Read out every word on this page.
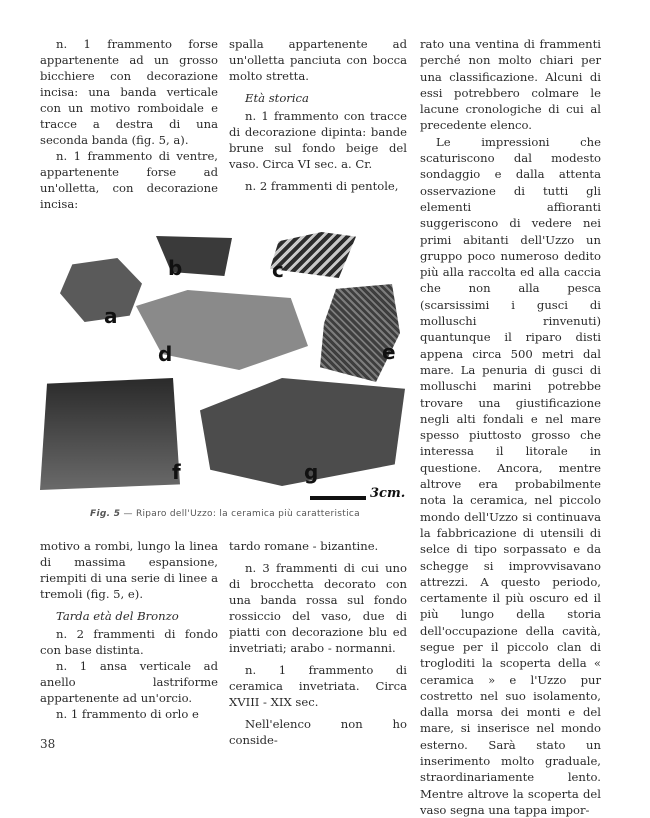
n. 1 frammento forse appartenente ad un grosso bicchiere con decorazione incisa: una banda verticale con un motivo romboidale e tracce a destra di una seconda banda (fig. 5, a).

n. 1 frammento di ventre, appartenente forse ad un'olletta, con decorazione incisa:

spalla appartenente ad un'olletta panciuta con bocca molto stretta.

Età storica

n. 1 frammento con tracce di decorazione dipinta: bande brune sul fondo beige del vaso. Circa VI sec. a. Cr.

n. 2 frammenti di pentole,

rato una ventina di frammenti perché non molto chiari per una classificazione. Alcuni di essi potrebbero colmare le lacune cronologiche di cui al precedente elenco.

Le impressioni che scaturiscono dal modesto sondaggio e dalla attenta osservazione di tutti gli elementi affioranti suggeriscono di vedere nei primi abitanti dell'Uzzo un gruppo poco numeroso dedito più alla raccolta ed alla caccia che non alla pesca (scarsissimi i gusci di molluschi rinvenuti) quantunque il riparo disti appena circa 500 metri dal mare. La penuria di gusci di molluschi marini potrebbe trovare una giustificazione negli alti fondali e nel mare spesso piuttosto grosso che interessa il litorale in questione. Ancora, mentre altrove era probabilmente nota la ceramica, nel piccolo mondo dell'Uzzo si continuava la fabbricazione di utensili di selce di tipo sorpassato e da schegge si improvvisavano attrezzi. A questo periodo, certamente il più oscuro ed il più lungo della storia dell'occupazione della cavità, segue per il piccolo clan di trogloditi la scoperta della « ceramica » e l'Uzzo pur costretto nel suo isolamento, dalla morsa dei monti e del mare, si inserisce nel mondo esterno. Sarà stato un inserimento molto graduale, straordinariamente lento. Mentre altrove la scoperta del vaso segna una tappa impor-

a
b	c
d	e
f	g
3cm.
Fig. 5 — Riparo dell'Uzzo: la ceramica più caratteristica

motivo a rombi, lungo la linea di massima espansione, riempiti di una serie di linee a tremoli (fig. 5, e).

Tarda età del Bronzo

n. 2 frammenti di fondo con base distinta.

n. 1 ansa verticale ad anello lastriforme appartenente ad un'orcio.

n. 1 frammento di orlo e

tardo romane - bizantine.

n. 3 frammenti di cui uno di brocchetta decorato con una banda rossa sul fondo rossiccio del vaso, due di piatti con decorazione blu ed invetriati; arabo - normanni.

n. 1 frammento di ceramica invetriata. Circa XVIII - XIX sec.

Nell'elenco non ho conside-

38
